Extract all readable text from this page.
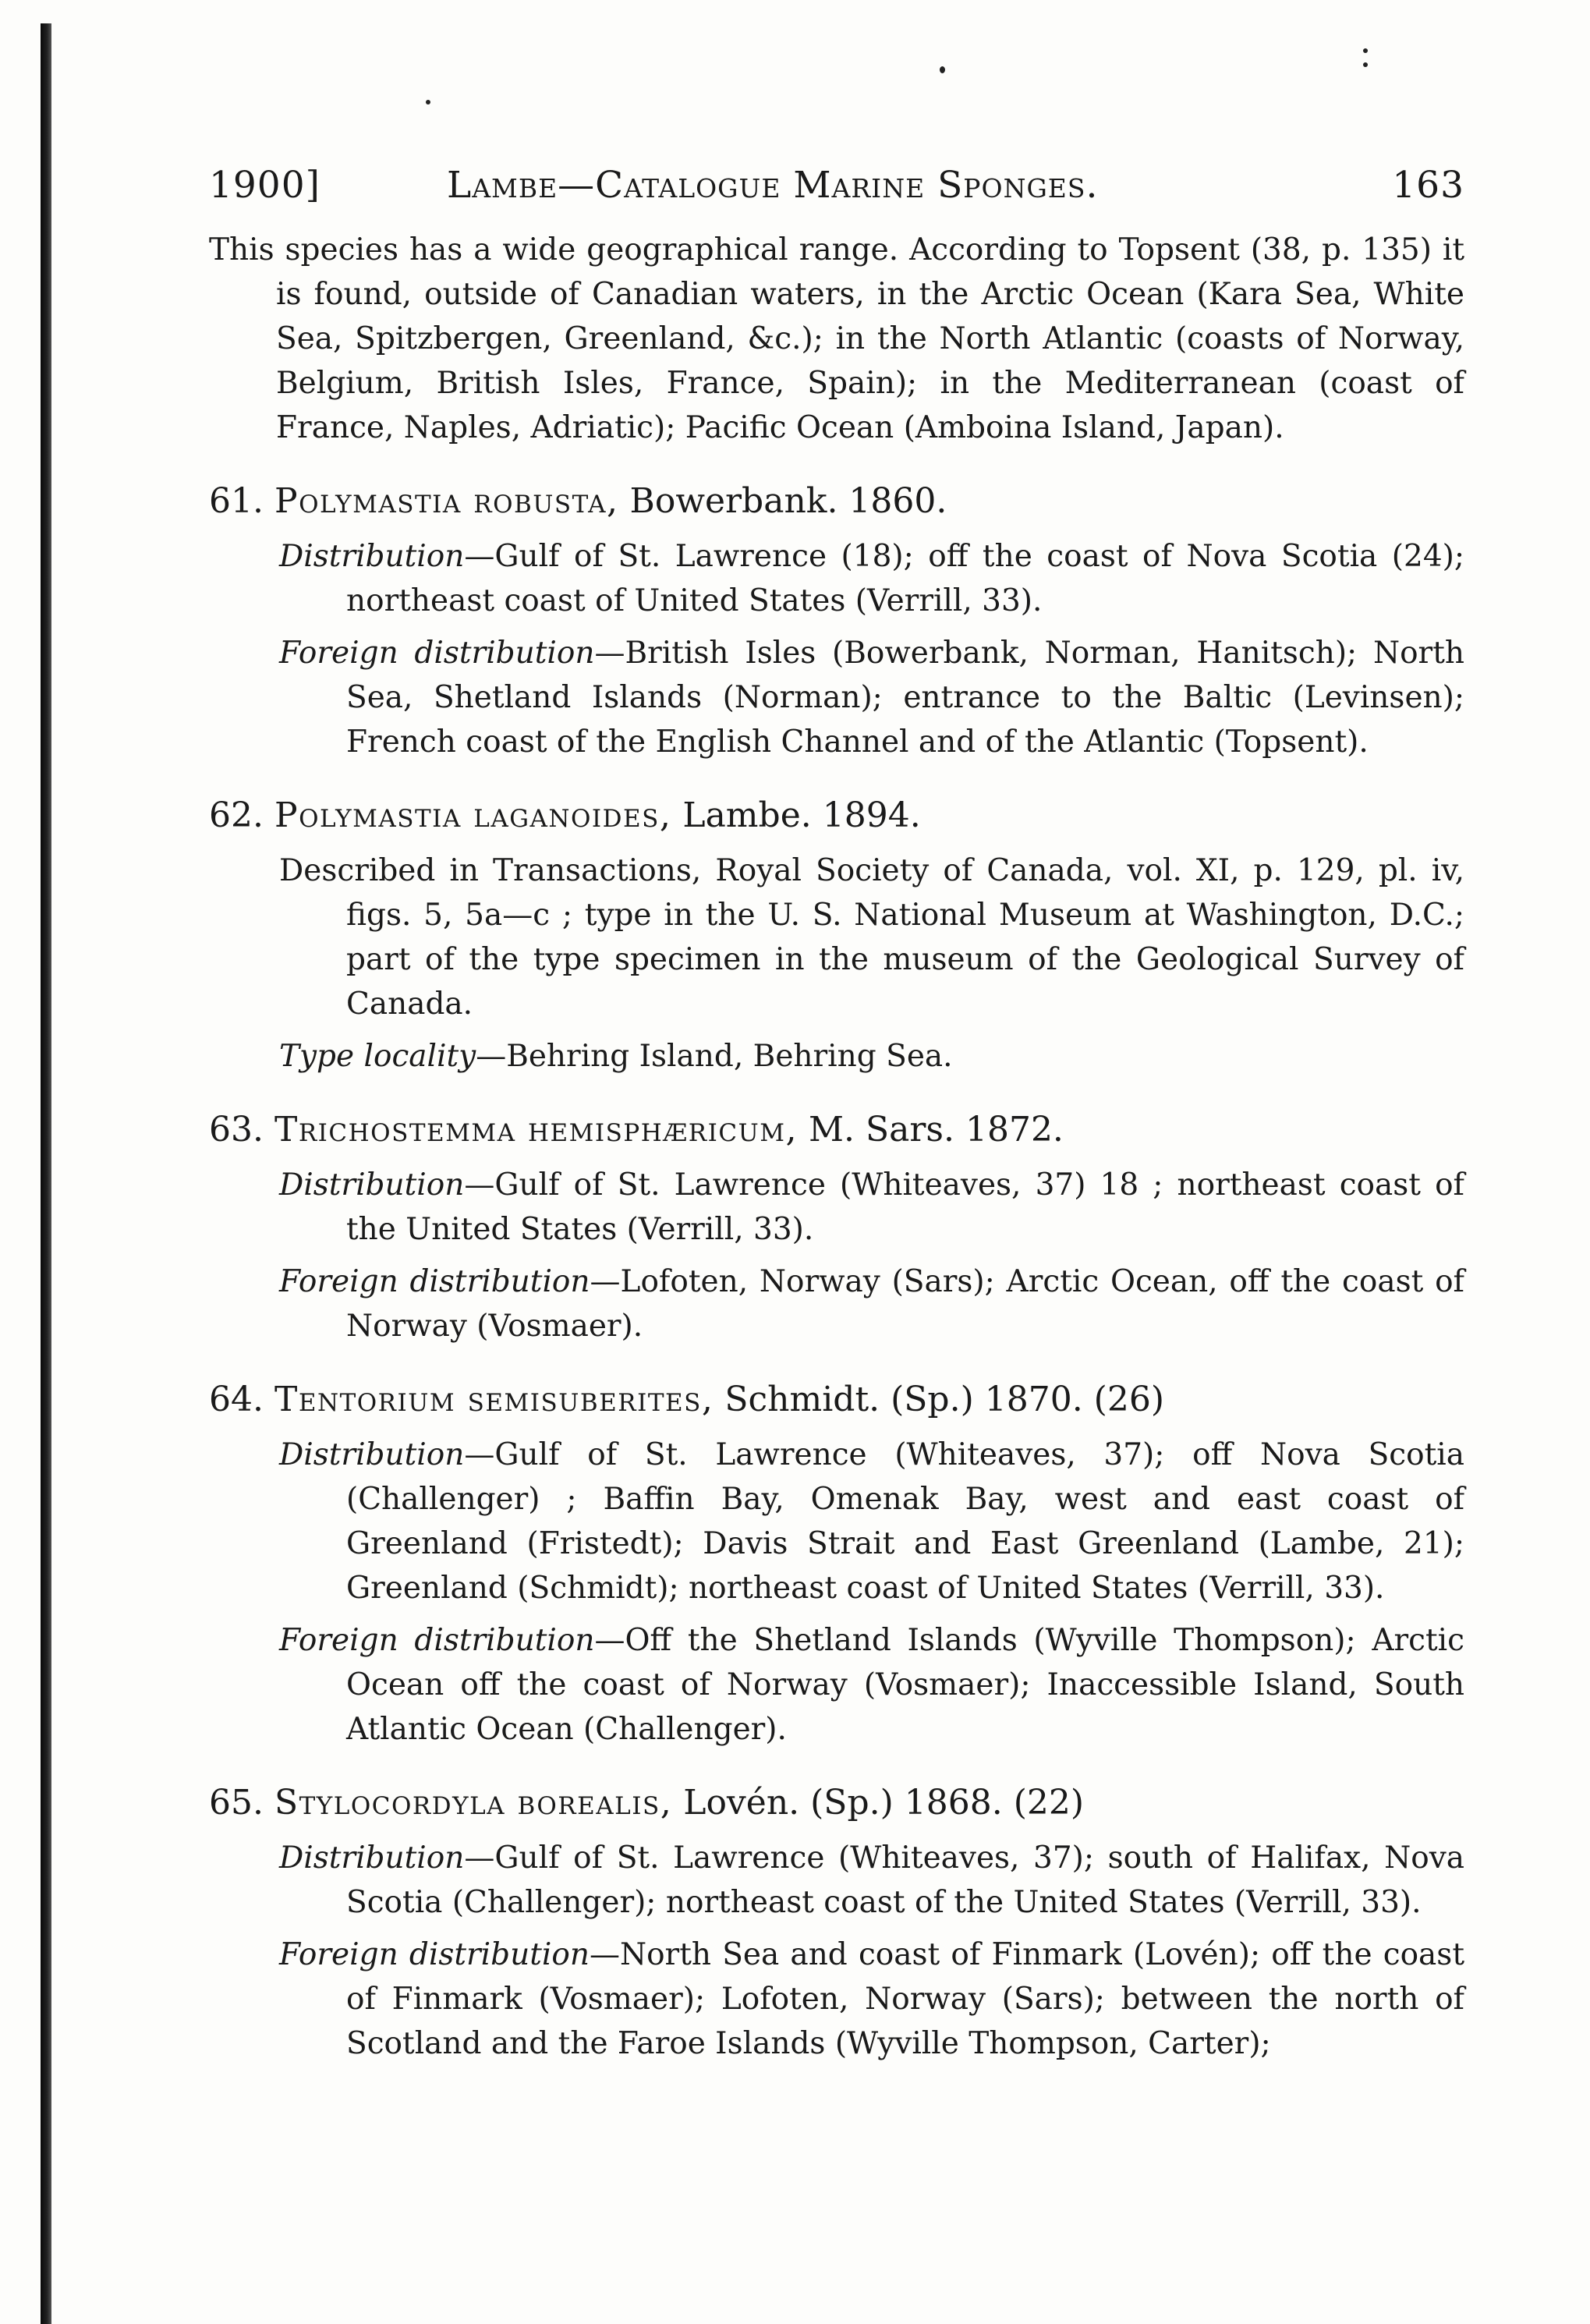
1900]	Lambe—Catalogue Marine Sponges.	163

This species has a wide geographical range. According to Topsent (38, p. 135) it is found, outside of Canadian waters, in the Arctic Ocean (Kara Sea, White Sea, Spitzbergen, Greenland, &c.); in the North Atlantic (coasts of Norway, Belgium, British Isles, France, Spain); in the Mediterranean (coast of France, Naples, Adriatic); Pacific Ocean (Amboina Island, Japan).

61. Polymastia robusta, Bowerbank. 1860.

Distribution—Gulf of St. Lawrence (18); off the coast of Nova Scotia (24); northeast coast of United States (Verrill, 33).

Foreign distribution—British Isles (Bowerbank, Norman, Hanitsch); North Sea, Shetland Islands (Norman); entrance to the Baltic (Levinsen); French coast of the English Channel and of the Atlantic (Topsent).

62. Polymastia laganoides, Lambe. 1894.

Described in Transactions, Royal Society of Canada, vol. XI, p. 129, pl. iv, figs. 5, 5a—c ; type in the U. S. National Museum at Washington, D.C.; part of the type specimen in the museum of the Geological Survey of Canada.

Type locality—Behring Island, Behring Sea.

63. Trichostemma hemisphæricum, M. Sars. 1872.

Distribution—Gulf of St. Lawrence (Whiteaves, 37) 18 ; northeast coast of the United States (Verrill, 33).

Foreign distribution—Lofoten, Norway (Sars); Arctic Ocean, off the coast of Norway (Vosmaer).

64. Tentorium semisuberites, Schmidt. (Sp.) 1870. (26)

Distribution—Gulf of St. Lawrence (Whiteaves, 37); off Nova Scotia (Challenger) ; Baffin Bay, Omenak Bay, west and east coast of Greenland (Fristedt); Davis Strait and East Greenland (Lambe, 21); Greenland (Schmidt); northeast coast of United States (Verrill, 33).

Foreign distribution—Off the Shetland Islands (Wyville Thompson); Arctic Ocean off the coast of Norway (Vosmaer); Inaccessible Island, South Atlantic Ocean (Challenger).

65. Stylocordyla borealis, Lovén. (Sp.) 1868. (22)

Distribution—Gulf of St. Lawrence (Whiteaves, 37); south of Halifax, Nova Scotia (Challenger); northeast coast of the United States (Verrill, 33).

Foreign distribution—North Sea and coast of Finmark (Lovén); off the coast of Finmark (Vosmaer); Lofoten, Norway (Sars); between the north of Scotland and the Faroe Islands (Wyville Thompson, Carter);
